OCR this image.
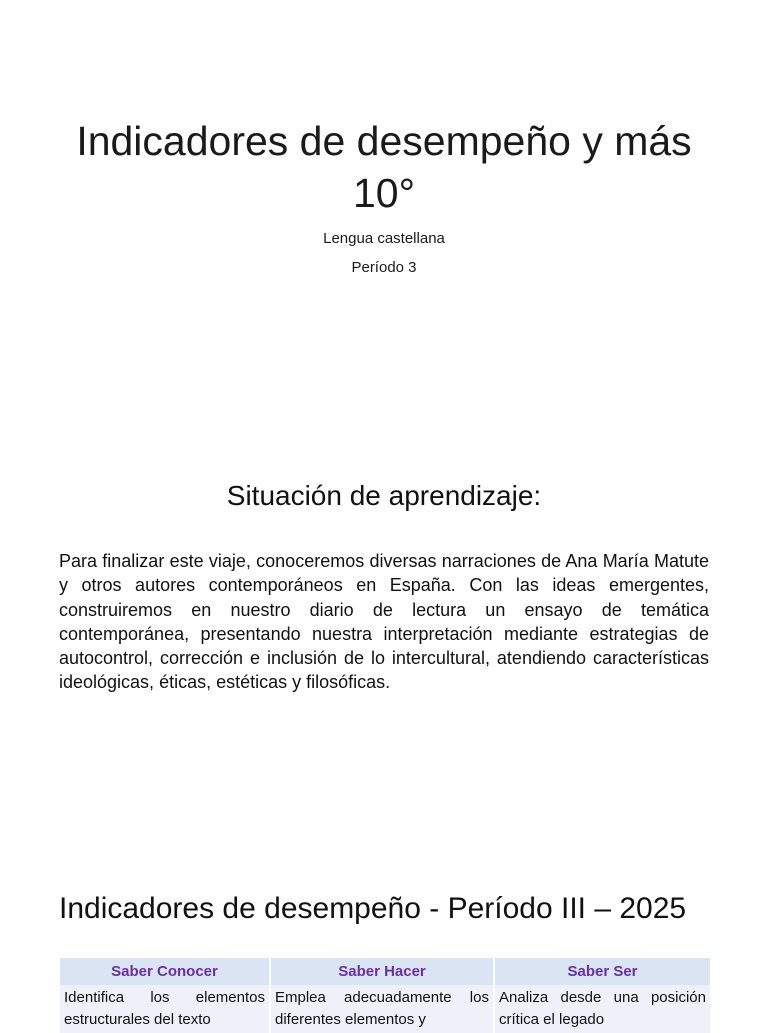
Indicadores de desempeño y más 10°
Lengua castellana
Período 3
Situación de aprendizaje:

Para finalizar este viaje, conoceremos diversas narraciones de Ana María Matute y otros autores contemporáneos en España. Con las ideas emergentes, construiremos en nuestro diario de lectura un ensayo de temática contemporánea, presentando nuestra interpretación mediante estrategias de autocontrol, corrección e inclusión de lo intercultural, atendiendo características ideológicas, éticas, estéticas y filosóficas.

Indicadores de desempeño - Período III – 2025
Saber Conocer	Saber Hacer	Saber Ser
Identifica los elementos estructurales del texto	Emplea adecuadamente los diferentes elementos y	Analiza desde una posición crítica el legado
